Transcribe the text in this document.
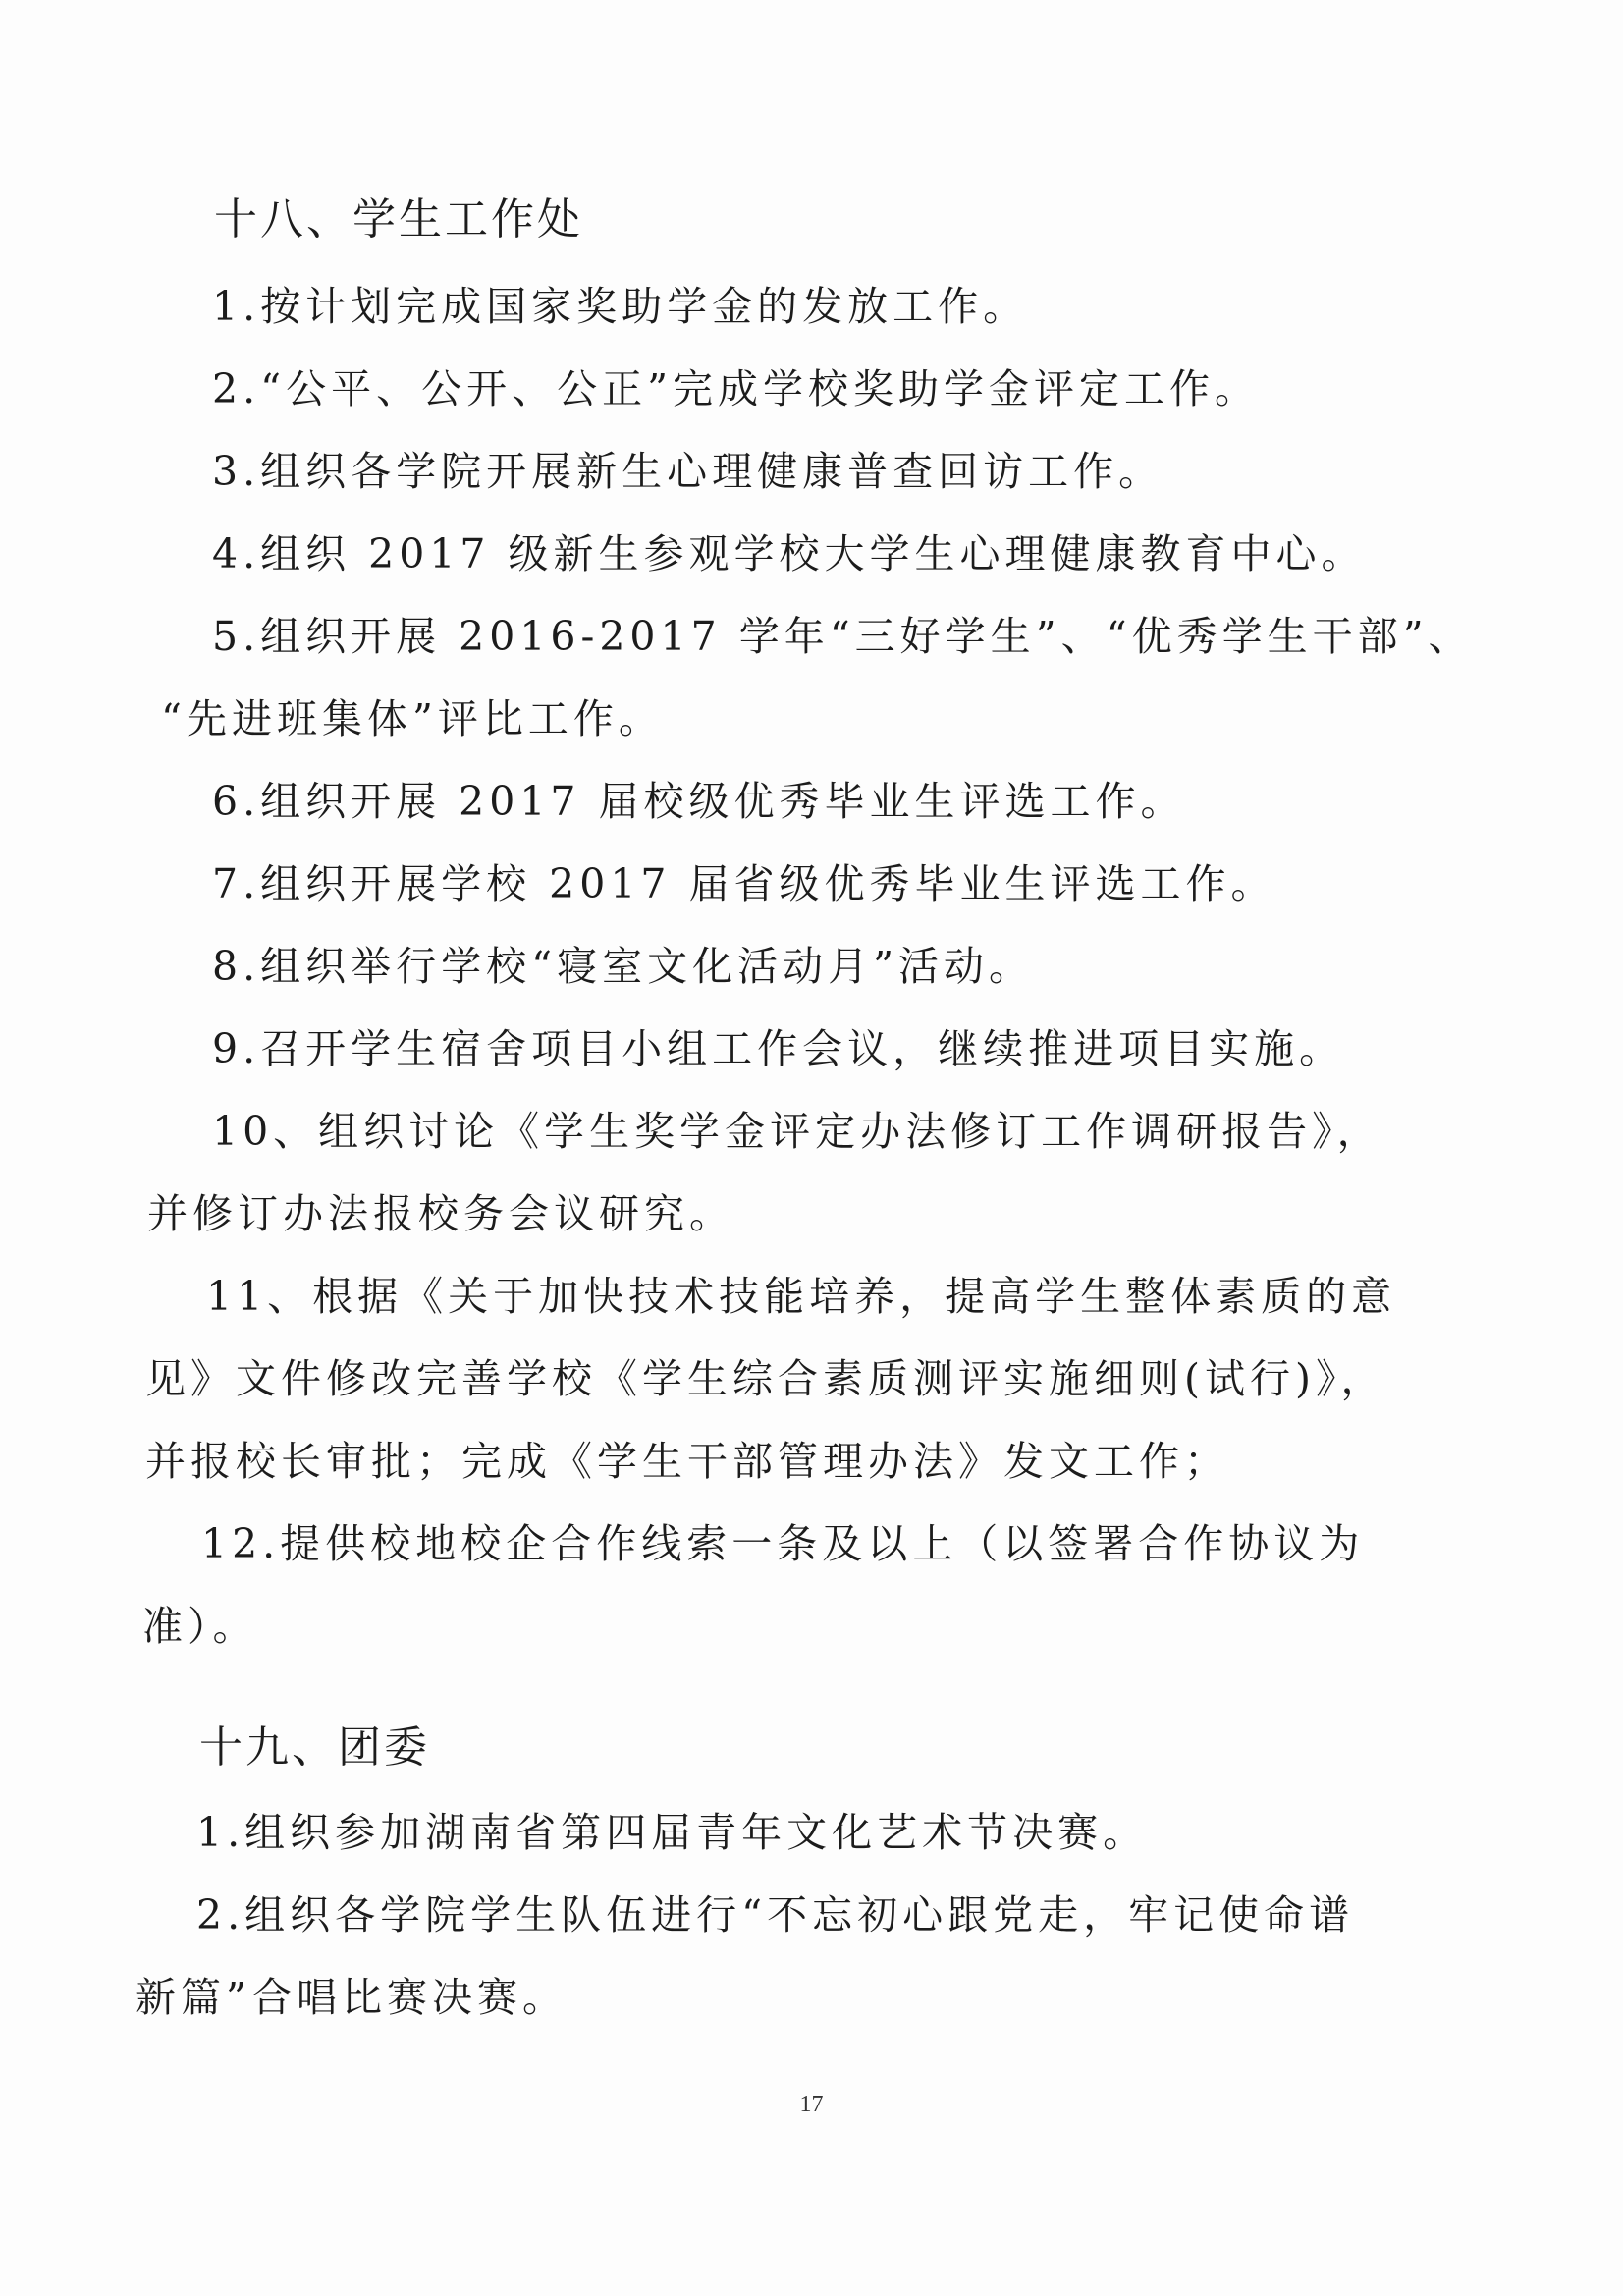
十八、学生工作处
1.按计划完成国家奖助学金的发放工作。
2.“公平、公开、公正”完成学校奖助学金评定工作。
3.组织各学院开展新生心理健康普查回访工作。
4.组织 2017 级新生参观学校大学生心理健康教育中心。
5.组织开展 2016-2017 学年“三好学生”、“优秀学生干部”、
“先进班集体”评比工作。
6.组织开展 2017 届校级优秀毕业生评选工作。
7.组织开展学校 2017 届省级优秀毕业生评选工作。
8.组织举行学校“寝室文化活动月”活动。
9.召开学生宿舍项目小组工作会议，继续推进项目实施。
10、组织讨论《学生奖学金评定办法修订工作调研报告》，
并修订办法报校务会议研究。
11、根据《关于加快技术技能培养，提高学生整体素质的意
见》文件修改完善学校《学生综合素质测评实施细则(试行)》，
并报校长审批；完成《学生干部管理办法》发文工作；
12.提供校地校企合作线索一条及以上（以签署合作协议为
准）。
十九、团委
1.组织参加湖南省第四届青年文化艺术节决赛。
2.组织各学院学生队伍进行“不忘初心跟党走，牢记使命谱
新篇”合唱比赛决赛。
17
